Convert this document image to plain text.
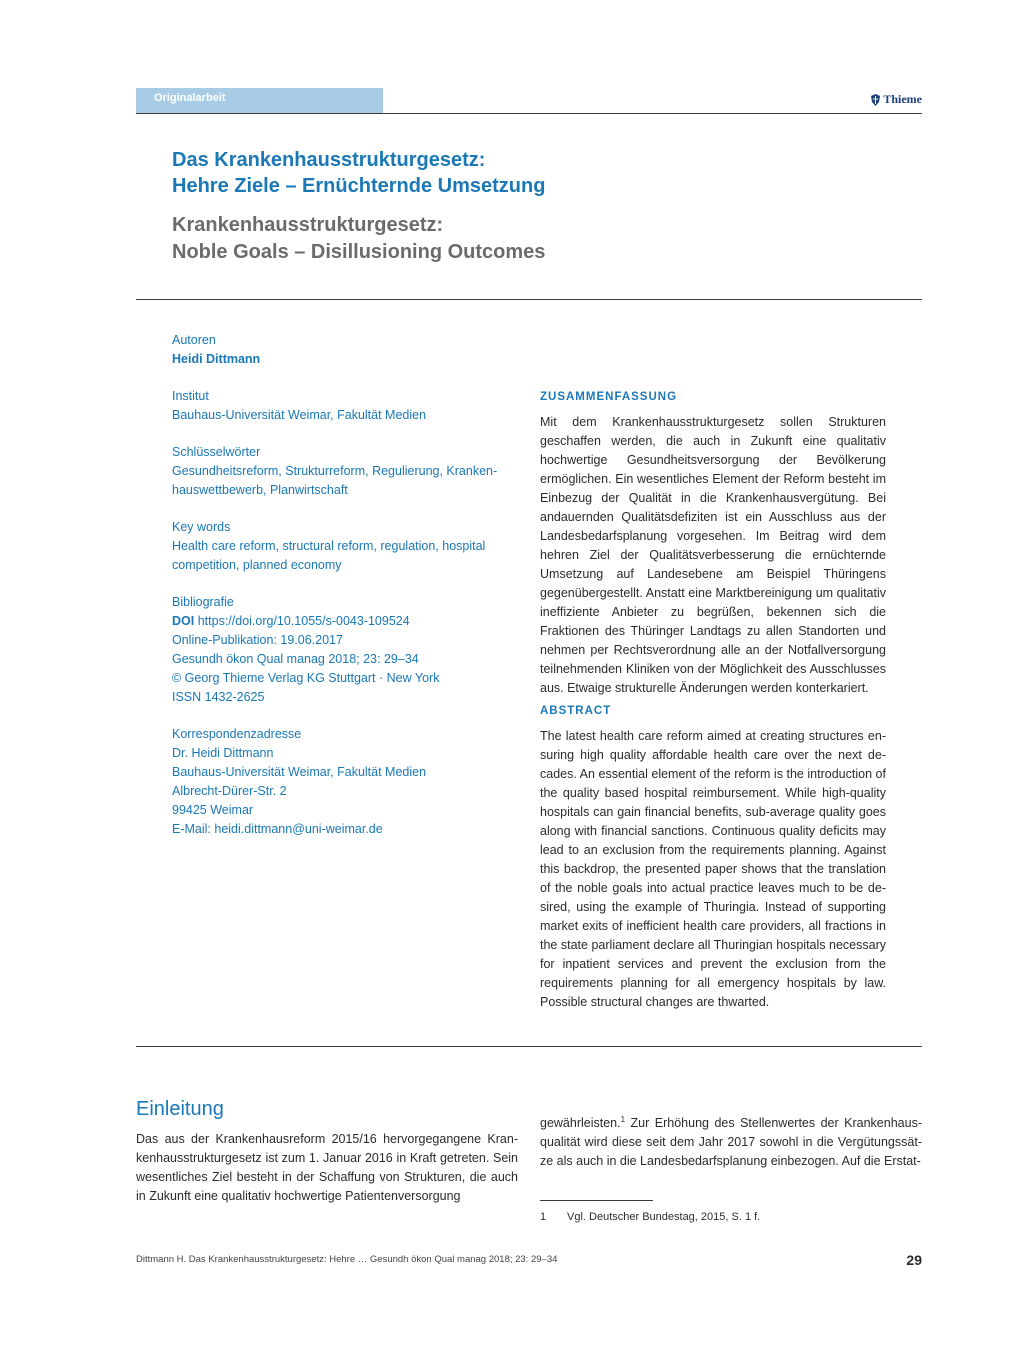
Originalarbeit	Thieme
Das Krankenhausstrukturgesetz:
Hehre Ziele – Ernüchternde Umsetzung
Krankenhausstrukturgesetz:
Noble Goals – Disillusioning Outcomes
Autoren
Heidi Dittmann
Institut
Bauhaus-Universität Weimar, Fakultät Medien
Schlüsselwörter
Gesundheitsreform, Strukturreform, Regulierung, Kranken-
hauswettbewerb, Planwirtschaft
Key words
Health care reform, structural reform, regulation, hospital
competition, planned economy
Bibliografie
DOI https://doi.org/10.1055/s-0043-109524
Online-Publikation: 19.06.2017
Gesundh ökon Qual manag 2018; 23: 29–34
© Georg Thieme Verlag KG Stuttgart · New York
ISSN 1432-2625
Korrespondenzadresse
Dr. Heidi Dittmann
Bauhaus-Universität Weimar, Fakultät Medien
Albrecht-Dürer-Str. 2
99425 Weimar
E-Mail: heidi.dittmann@uni-weimar.de
ZUSAMMENFASSUNG

Mit dem Krankenhausstrukturgesetz sollen Strukturen geschaffen werden, die auch in Zukunft eine qualitativ hochwertige Gesundheitsversorgung der Bevölkerung ermöglichen. Ein wesentliches Element der Reform besteht im Einbezug der Qualität in die Krankenhausvergütung. Bei andauernden Qualitätsdefiziten ist ein Ausschluss aus der Landesbedarfsplanung vorgesehen. Im Beitrag wird dem hehren Ziel der Qualitätsverbesserung die ernüchternde Umsetzung auf Landesebene am Beispiel Thüringens gegenübergestellt. Anstatt eine Marktbereinigung um qualitativ ineffiziente Anbieter zu begrüßen, bekennen sich die Fraktionen des Thüringer Landtags zu allen Standorten und nehmen per Rechtsverordnung alle an der Notfallversorgung teilnehmenden Kliniken von der Möglichkeit des Ausschlusses aus. Etwaige strukturelle Änderungen werden konterkariert.

ABSTRACT

The latest health care reform aimed at creating structures ensuring high quality affordable health care over the next decades. An essential element of the reform is the introduction of the quality based hospital reimbursement. While high-quality hospitals can gain financial benefits, sub-average quality goes along with financial sanctions. Continuous quality deficits may lead to an exclusion from the requirements planning. Against this backdrop, the presented paper shows that the translation of the noble goals into actual practice leaves much to be desired, using the example of Thuringia. Instead of supporting market exits of inefficient health care providers, all fractions in the state parliament declare all Thuringian hospitals necessary for inpatient services and prevent the exclusion from the requirements planning for all emergency hospitals by law. Possible structural changes are thwarted.

Einleitung
Das aus der Krankenhausreform 2015/16 hervorgegangene Krankenhausstrukturgesetz ist zum 1. Januar 2016 in Kraft getreten. Sein wesentliches Ziel besteht in der Schaffung von Strukturen, die auch in Zukunft eine qualitativ hochwertige Patientenversorgung
gewährleisten.$^1$ Zur Erhöhung des Stellenwertes der Krankenhausqualität wird diese seit dem Jahr 2017 sowohl in die Vergütungssätze als auch in die Landesbedarfsplanung einbezogen. Auf die Erstat-
1 Vgl. Deutscher Bundestag, 2015, S. 1 f.
Dittmann H. Das Krankenhausstrukturgesetz: Hehre … Gesundh ökon Qual manag 2018; 23: 29–34	29
